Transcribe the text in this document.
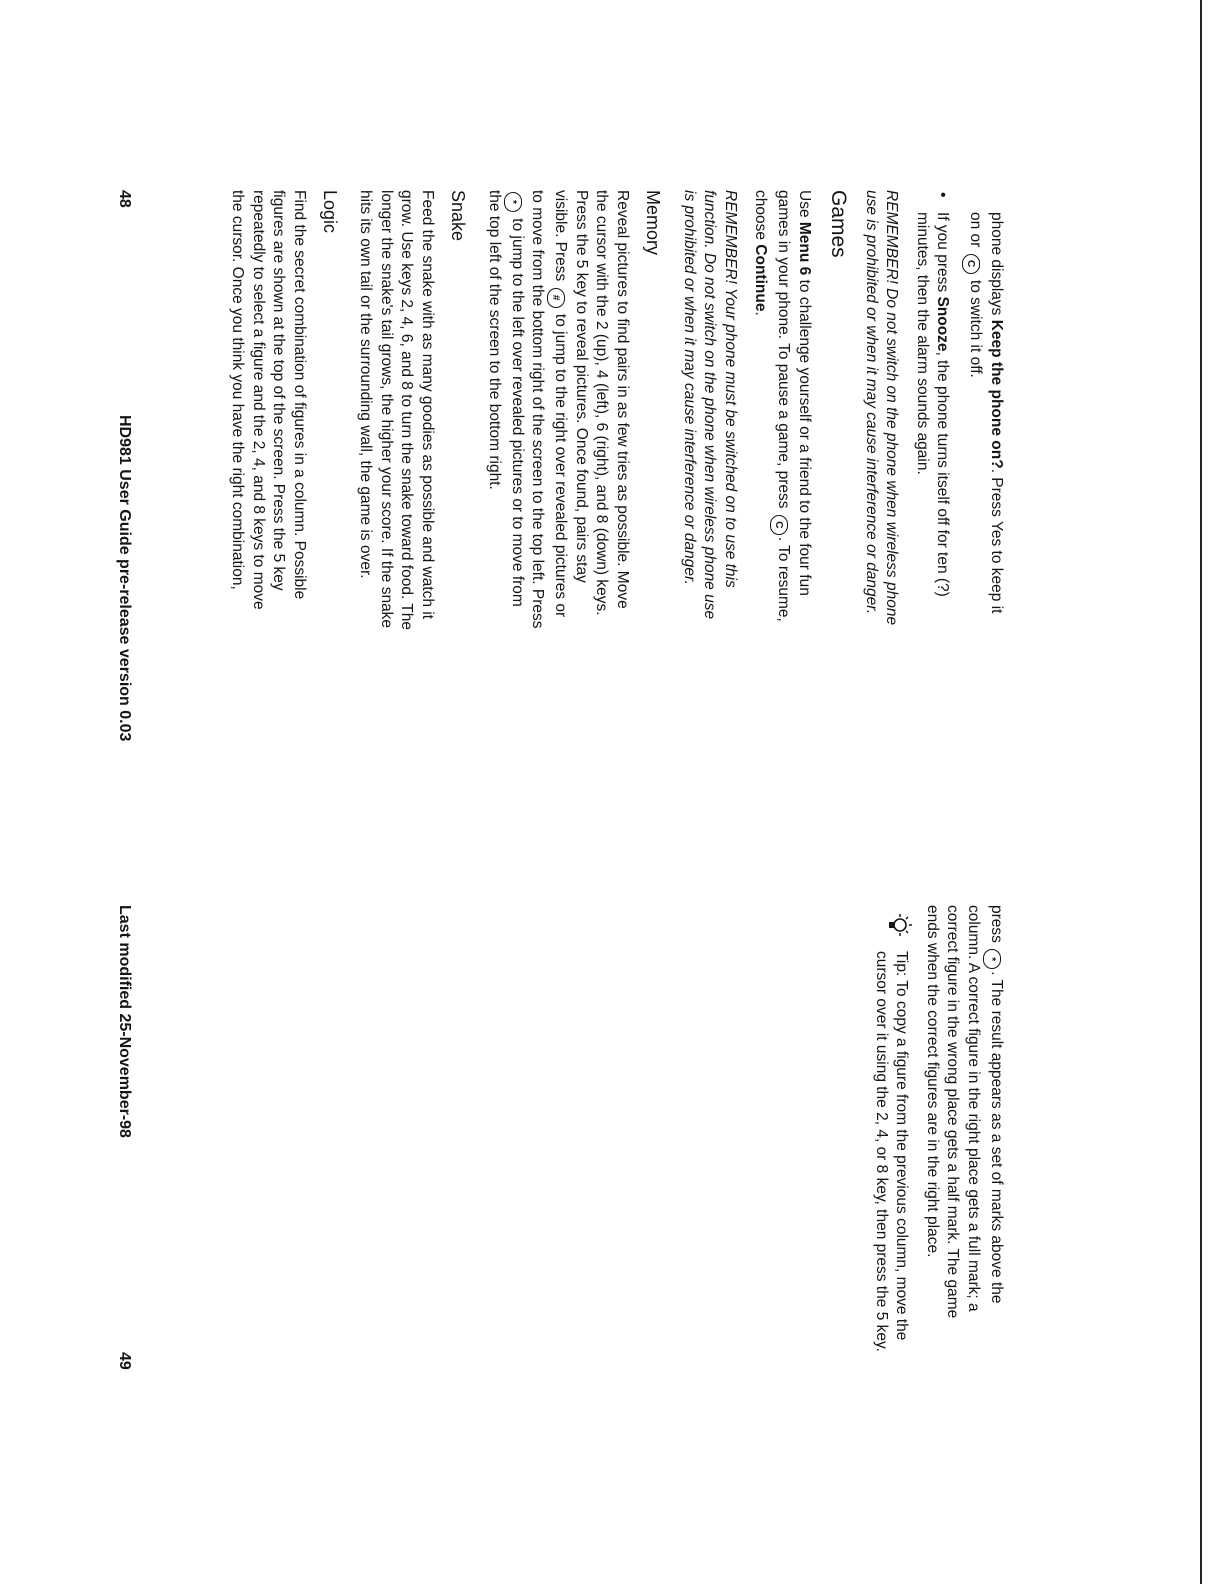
phone displays Keep the phone on?. Press Yes to keep it on or C to switch it off.

•
If you press Snooze, the phone turns itself off for ten (?) minutes, then the alarm sounds again.

REMEMBER! Do not switch on the phone when wireless phone use is prohibited or when it may cause interference or danger.

Games

Use Menu 6 to challenge yourself or a friend to the four fun games in your phone. To pause a game, press C. To resume, choose Continue.

REMEMBER! Your phone must be switched on to use this function. Do not switch on the phone when wireless phone use is prohibited or when it may cause interference or danger.

Memory

Reveal pictures to find pairs in as few tries as possible. Move the cursor with the 2 (up), 4 (left), 6 (right), and 8 (down) keys. Press the 5 key to reveal pictures. Once found, pairs stay visible. Press # to jump to the right over revealed pictures or to move from the bottom right of the screen to the top left. Press * to jump to the left over revealed pictures or to move from the top left of the screen to the bottom right.

Snake

Feed the snake with as many goodies as possible and watch it grow. Use keys 2, 4, 6, and 8 to turn the snake toward food. The longer the snake's tail grows, the higher your score. If the snake hits its own tail or the surrounding wall, the game is over.

Logic

Find the secret combination of figures in a column. Possible figures are shown at the top of the screen. Press the 5 key repeatedly to select a figure and the 2, 4, and 8 keys to move the cursor. Once you think you have the right combination,

press *. The result appears as a set of marks above the column. A correct figure in the right place gets a full mark; a correct figure in the wrong place gets a half mark. The game ends when the correct figures are in the right place.

Tip: To copy a figure from the previous column, move the cursor over it using the 2, 4, or 8 key, then press the 5 key.
48
HD981 User Guide pre-release version 0.03
Last modified 25-November-98
49
